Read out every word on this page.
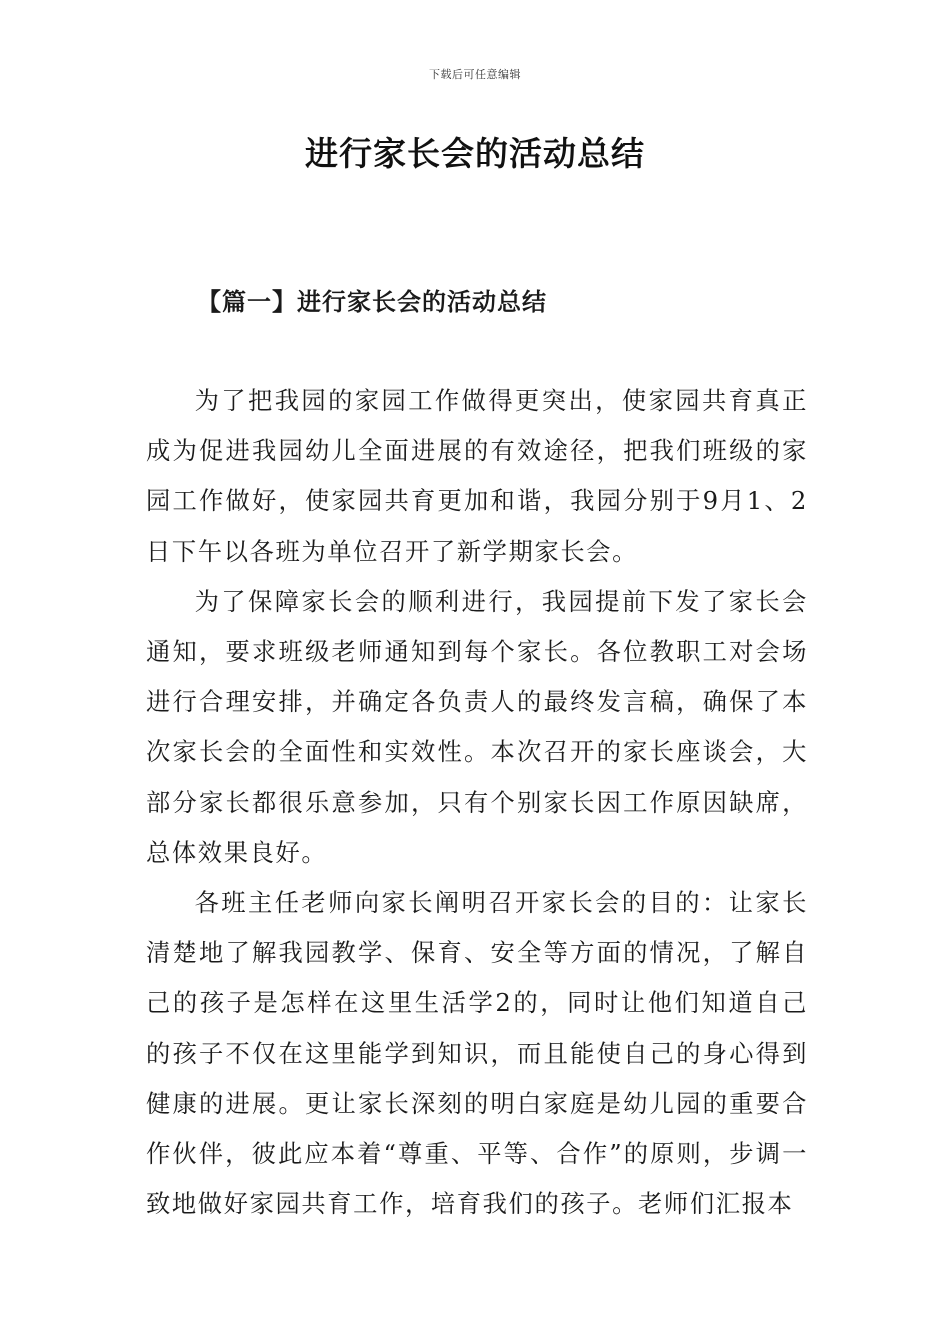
下载后可任意编辑
进行家长会的活动总结
【篇一】进行家长会的活动总结

为了把我园的家园工作做得更突出，使家园共育真正成为促进我园幼儿全面进展的有效途径，把我们班级的家园工作做好，使家园共育更加和谐，我园分别于9月1、2日下午以各班为单位召开了新学期家长会。

为了保障家长会的顺利进行，我园提前下发了家长会通知，要求班级老师通知到每个家长。各位教职工对会场进行合理安排，并确定各负责人的最终发言稿，确保了本次家长会的全面性和实效性。本次召开的家长座谈会，大部分家长都很乐意参加，只有个别家长因工作原因缺席，总体效果良好。

各班主任老师向家长阐明召开家长会的目的：让家长清楚地了解我园教学、保育、安全等方面的情况，了解自己的孩子是怎样在这里生活学2的，同时让他们知道自己的孩子不仅在这里能学到知识，而且能使自己的身心得到健康的进展。更让家长深刻的明白家庭是幼儿园的重要合作伙伴，彼此应本着“尊重、平等、合作”的原则，步调一致地做好家园共育工作，培育我们的孩子。老师们汇报本
